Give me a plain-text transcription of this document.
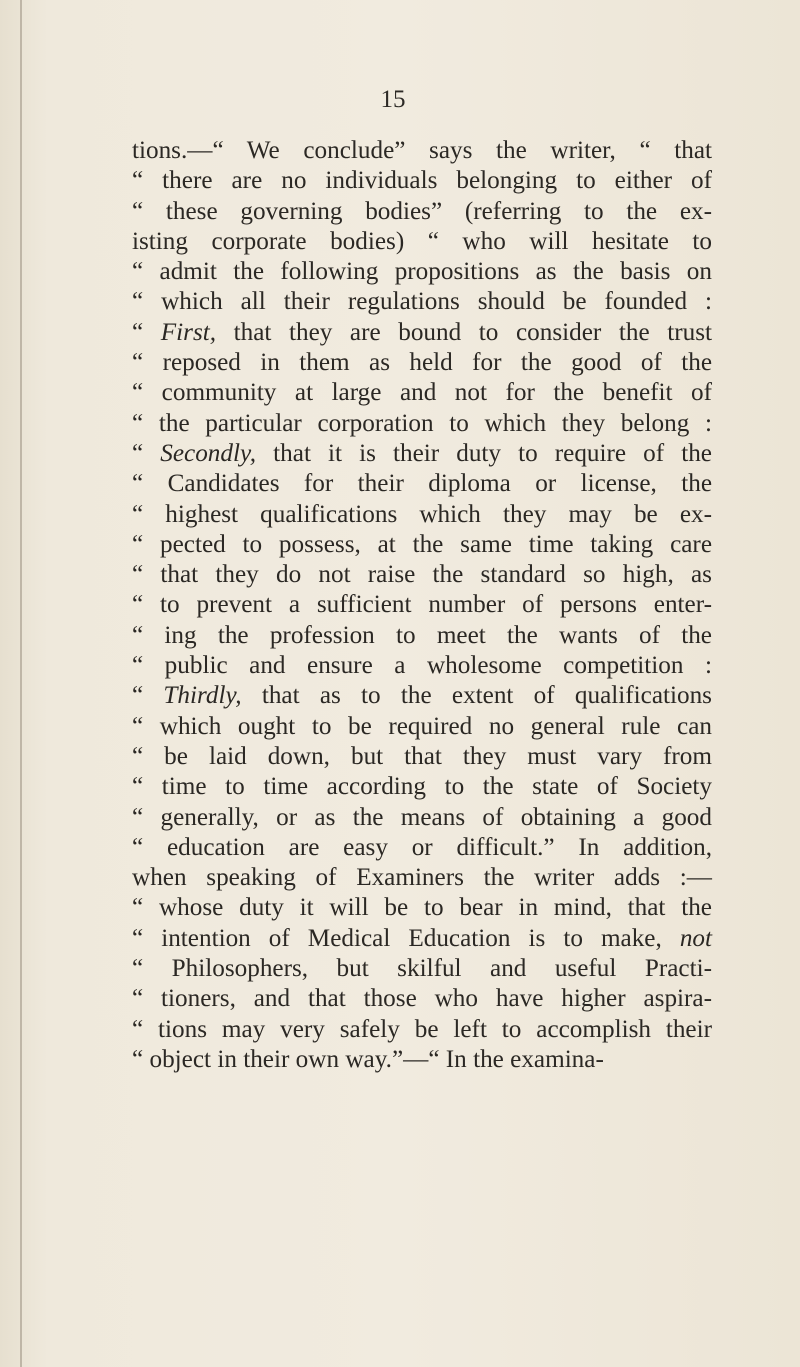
15
tions.—“ We conclude” says the writer, “ that
“ there are no individuals belonging to either of
“ these governing bodies” (referring to the ex-
isting corporate bodies) “ who will hesitate to
“ admit the following propositions as the basis on
“ which all their regulations should be founded :
“ First, that they are bound to consider the trust
“ reposed in them as held for the good of the
“ community at large and not for the benefit of
“ the particular corporation to which they belong :
“ Secondly, that it is their duty to require of the
“ Candidates for their diploma or license, the
“ highest qualifications which they may be ex-
“ pected to possess, at the same time taking care
“ that they do not raise the standard so high, as
“ to prevent a sufficient number of persons enter-
“ ing the profession to meet the wants of the
“ public and ensure a wholesome competition :
“ Thirdly, that as to the extent of qualifications
“ which ought to be required no general rule can
“ be laid down, but that they must vary from
“ time to time according to the state of Society
“ generally, or as the means of obtaining a good
“ education are easy or difficult.” In addition,
when speaking of Examiners the writer adds :—
“ whose duty it will be to bear in mind, that the
“ intention of Medical Education is to make, not
“ Philosophers, but skilful and useful Practi-
“ tioners, and that those who have higher aspira-
“ tions may very safely be left to accomplish their
“ object in their own way.”—“ In the examina-
